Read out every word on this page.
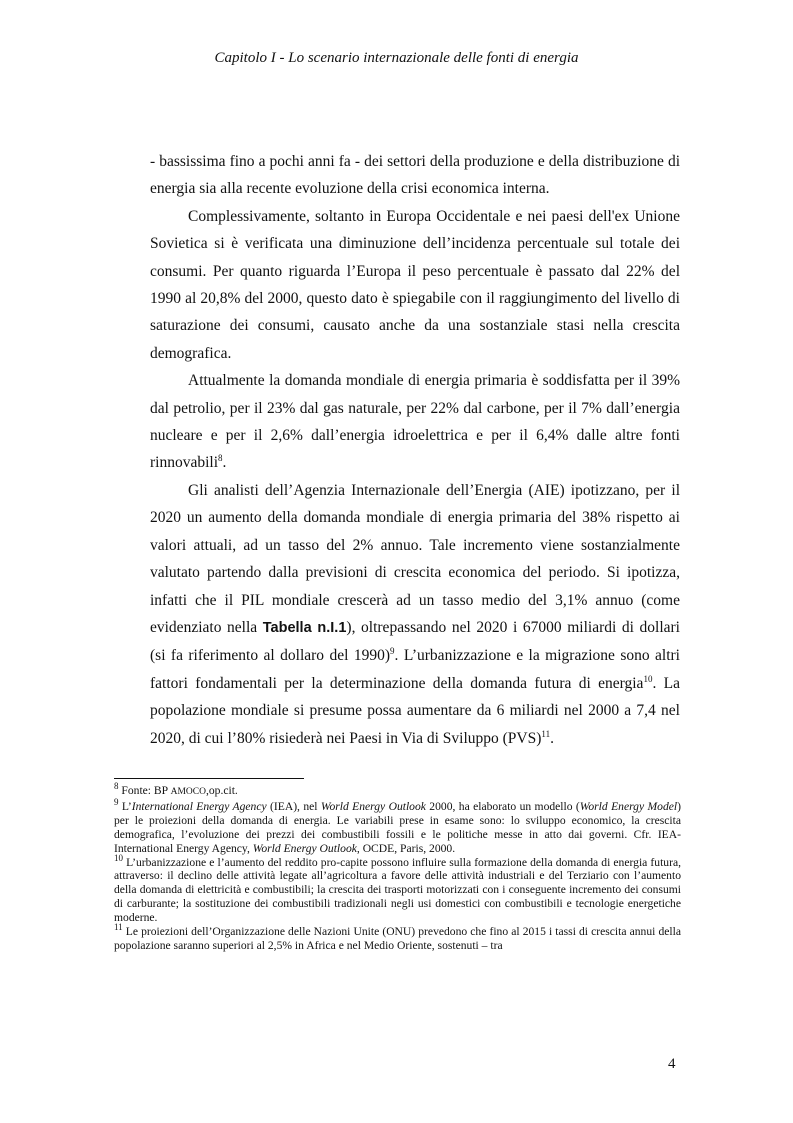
Capitolo I - Lo scenario internazionale delle fonti di energia

- bassissima fino a pochi anni fa - dei settori della produzione e della distribuzione di energia sia alla recente evoluzione della crisi economica interna.

Complessivamente, soltanto in Europa Occidentale e nei paesi dell'ex Unione Sovietica si è verificata una diminuzione dell’incidenza percentuale sul totale dei consumi. Per quanto riguarda l’Europa il peso percentuale è passato dal 22% del 1990 al 20,8% del 2000, questo dato è spiegabile con il raggiungimento del livello di saturazione dei consumi, causato anche da una sostanziale stasi nella crescita demografica.

Attualmente la domanda mondiale di energia primaria è soddisfatta per il 39% dal petrolio, per il 23% dal gas naturale, per 22% dal carbone, per il 7% dall’energia nucleare e per il 2,6% dall’energia idroelettrica e per il 6,4% dalle altre fonti rinnovabili$^8$.

Gli analisti dell’Agenzia Internazionale dell’Energia (AIE) ipotizzano, per il 2020 un aumento della domanda mondiale di energia primaria del 38% rispetto ai valori attuali, ad un tasso del 2% annuo. Tale incremento viene sostanzialmente valutato partendo dalla previsioni di crescita economica del periodo. Si ipotizza, infatti che il PIL mondiale crescerà ad un tasso medio del 3,1% annuo (come evidenziato nella Tabella n.I.1), oltrepassando nel 2020 i 67000 miliardi di dollari (si fa riferimento al dollaro del 1990)$^9$. L’urbanizzazione e la migrazione sono altri fattori fondamentali per la determinazione della domanda futura di energia$^{10}$. La popolazione mondiale si presume possa aumentare da 6 miliardi nel 2000 a 7,4 nel 2020, di cui l’80% risiederà nei Paesi in Via di Sviluppo (PVS)$^{11}$.

$^8$ Fonte: BP AMOCO,op.cit.

$^9$ L’International Energy Agency (IEA), nel World Energy Outlook 2000, ha elaborato un modello (World Energy Model) per le proiezioni della domanda di energia. Le variabili prese in esame sono: lo sviluppo economico, la crescita demografica, l’evoluzione dei prezzi dei combustibili fossili e le politiche messe in atto dai governi. Cfr. IEA-International Energy Agency, World Energy Outlook, OCDE, Paris, 2000.

$^{10}$ L’urbanizzazione e l’aumento del reddito pro-capite possono influire sulla formazione della domanda di energia futura, attraverso: il declino delle attività legate all’agricoltura a favore delle attività industriali e del Terziario con l’aumento della domanda di elettricità e combustibili; la crescita dei trasporti motorizzati con i conseguente incremento dei consumi di carburante; la sostituzione dei combustibili tradizionali negli usi domestici con combustibili e tecnologie energetiche moderne.

$^{11}$ Le proiezioni dell’Organizzazione delle Nazioni Unite (ONU) prevedono che fino al 2015 i tassi di crescita annui della popolazione saranno superiori al 2,5% in Africa e nel Medio Oriente, sostenuti – tra

4
